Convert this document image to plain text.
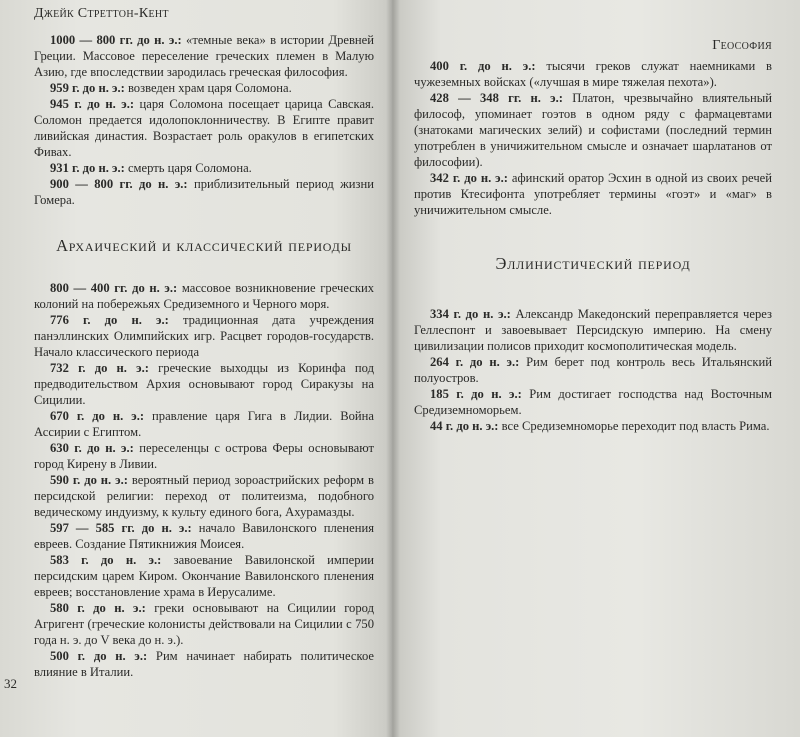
Джейк Стреттон-Кент

1000 — 800 гг. до н. э.: «темные века» в истории Древней Греции. Массовое переселение греческих племен в Малую Азию, где впоследствии зародилась греческая философия.

959 г. до н. э.: возведен храм царя Соломона.

945 г. до н. э.: царя Соломона посещает царица Савская. Соломон предается идолопоклонничеству. В Египте правит ливийская династия. Возрастает роль оракулов в египетских Фивах.

931 г. до н. э.: смерть царя Соломона.

900 — 800 гг. до н. э.: приблизительный период жизни Гомера.

Архаический и классический периоды

800 — 400 гг. до н. э.: массовое возникновение греческих колоний на побережьях Средиземного и Черного моря.

776 г. до н. э.: традиционная дата учреждения панэллинских Олимпийских игр. Расцвет городов-государств. Начало классического периода

732 г. до н. э.: греческие выходцы из Коринфа под предводительством Архия основывают город Сиракузы на Сицилии.

670 г. до н. э.: правление царя Гига в Лидии. Война Ассирии с Египтом.

630 г. до н. э.: переселенцы с острова Феры основывают город Кирену в Ливии.

590 г. до н. э.: вероятный период зороастрийских реформ в персидской религии: переход от политеизма, подобного ведическому индуизму, к культу единого бога, Ахурамазды.

597 — 585 гг. до н. э.: начало Вавилонского пленения евреев. Создание Пятикнижия Моисея.

583 г. до н. э.: завоевание Вавилонской империи персидским царем Киром. Окончание Вавилонского пленения евреев; восстановление храма в Иерусалиме.

580 г. до н. э.: греки основывают на Сицилии город Агригент (греческие колонисты действовали на Сицилии с 750 года н. э. до V века до н. э.).

500 г. до н. э.: Рим начинает набирать политическое влияние в Италии.

32
Геософия

400 г. до н. э.: тысячи греков служат наемниками в чужеземных войсках («лучшая в мире тяжелая пехота»).

428 — 348 гг. н. э.: Платон, чрезвычайно влиятельный философ, упоминает гоэтов в одном ряду с фармацевтами (знатоками магических зелий) и софистами (последний термин употреблен в уничижительном смысле и означает шарлатанов от философии).

342 г. до н. э.: афинский оратор Эсхин в одной из своих речей против Ктесифонта употребляет термины «гоэт» и «маг» в уничижительном смысле.

Эллинистический период

334 г. до н. э.: Александр Македонский переправляется через Геллеспонт и завоевывает Персидскую империю. На смену цивилизации полисов приходит космополитическая модель.

264 г. до н. э.: Рим берет под контроль весь Итальянский полуостров.

185 г. до н. э.: Рим достигает господства над Восточным Средиземноморьем.

44 г. до н. э.: все Средиземноморье переходит под власть Рима.
